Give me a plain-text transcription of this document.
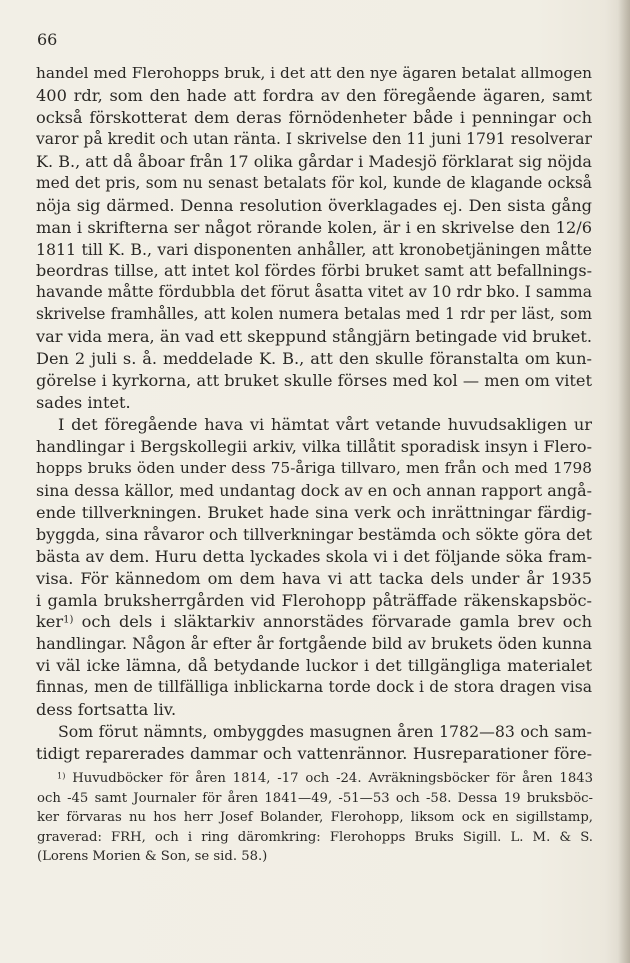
66

handel med Flerohopps bruk, i det att den nye ägaren betalat allmogen
400 rdr, som den hade att fordra av den föregående ägaren, samt
också förskotterat dem deras förnödenheter både i penningar och
varor på kredit och utan ränta. I skrivelse den 11 juni 1791 resolverar
K. B., att då åboar från 17 olika gårdar i Madesjö förklarat sig nöjda
med det pris, som nu senast betalats för kol, kunde de klagande också
nöja sig därmed. Denna resolution överklagades ej. Den sista gång
man i skrifterna ser något rörande kolen, är i en skrivelse den 12/6
1811 till K. B., vari disponenten anhåller, att kronobetjäningen måtte
beordras tillse, att intet kol fördes förbi bruket samt att befallnings-
havande måtte fördubbla det förut åsatta vitet av 10 rdr bko. I samma
skrivelse framhålles, att kolen numera betalas med 1 rdr per läst, som
var vida mera, än vad ett skeppund stångjärn betingade vid bruket.
Den 2 juli s. å. meddelade K. B., att den skulle föranstalta om kun-
görelse i kyrkorna, att bruket skulle förses med kol — men om vitet
sades intet.
I det föregående hava vi hämtat vårt vetande huvudsakligen ur
handlingar i Bergskollegii arkiv, vilka tillåtit sporadisk insyn i Flero-
hopps bruks öden under dess 75-åriga tillvaro, men från och med 1798
sina dessa källor, med undantag dock av en och annan rapport angå-
ende tillverkningen. Bruket hade sina verk och inrättningar färdig-
byggda, sina råvaror och tillverkningar bestämda och sökte göra det
bästa av dem. Huru detta lyckades skola vi i det följande söka fram-
visa. För kännedom om dem hava vi att tacka dels under år 1935
i gamla bruksherrgården vid Flerohopp påträffade räkenskapsböc-
ker$^{1)}$ och dels i släktarkiv annorstädes förvarade gamla brev och
handlingar. Någon år efter år fortgående bild av brukets öden kunna
vi väl icke lämna, då betydande luckor i det tillgängliga materialet
finnas, men de tillfälliga inblickarna torde dock i de stora dragen visa
dess fortsatta liv.
Som förut nämnts, ombyggdes masugnen åren 1782—83 och sam-
tidigt reparerades dammar och vattenrännor. Husreparationer före-
$^{1)}$ Huvudböcker för åren 1814, -17 och -24. Avräkningsböcker för åren 1843
och -45 samt Journaler för åren 1841—49, -51—53 och -58. Dessa 19 bruksböc-
ker förvaras nu hos herr Josef Bolander, Flerohopp, liksom ock en sigillstamp,
graverad: FRH, och i ring däromkring: Flerohopps Bruks Sigill. L. M. & S.
(Lorens Morien & Son, se sid. 58.)
